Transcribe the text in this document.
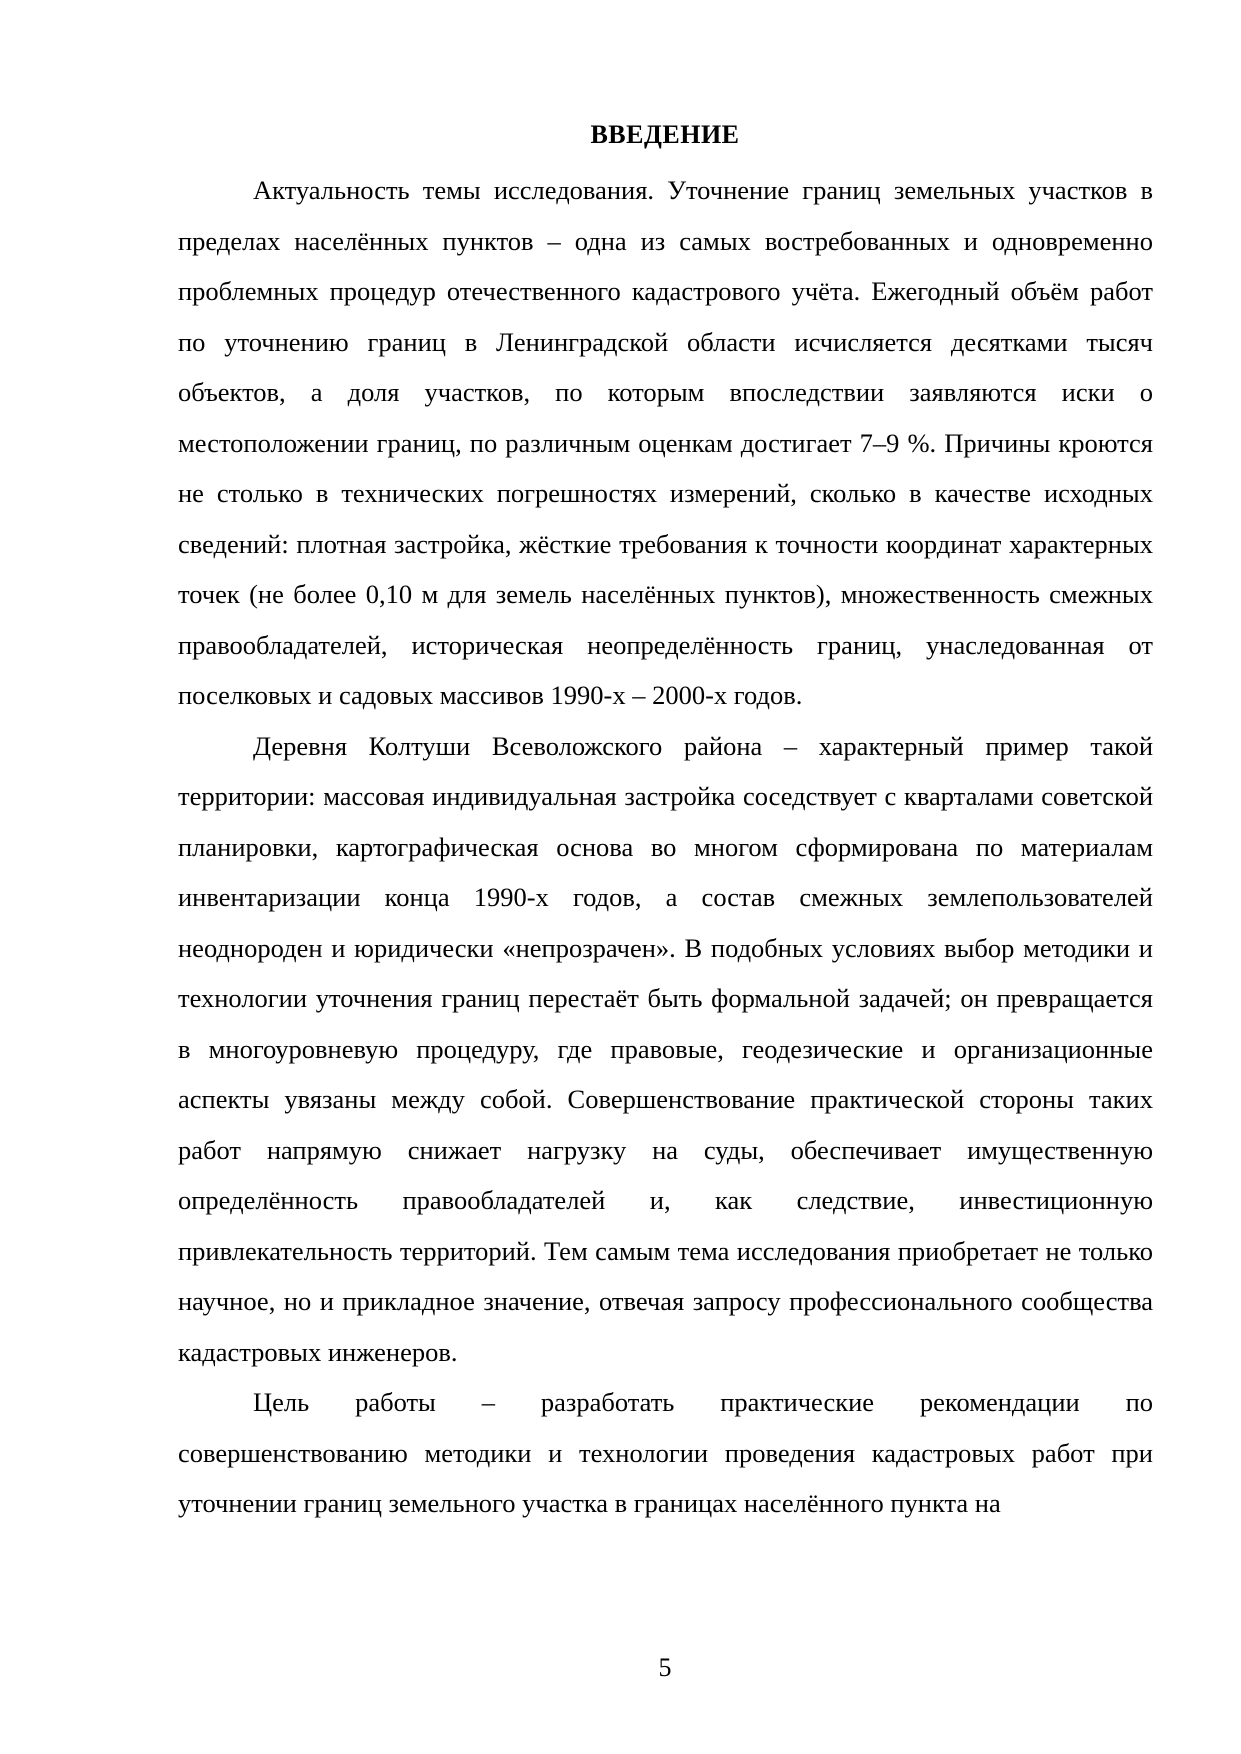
ВВЕДЕНИЕ

Актуальность темы исследования. Уточнение границ земельных участков в пределах населённых пунктов – одна из самых востребованных и одновременно проблемных процедур отечественного кадастрового учёта. Ежегодный объём работ по уточнению границ в Ленинградской области исчисляется десятками тысяч объектов, а доля участков, по которым впоследствии заявляются иски о местоположении границ, по различным оценкам достигает 7–9 %. Причины кроются не столько в технических погрешностях измерений, сколько в качестве исходных сведений: плотная застройка, жёсткие требования к точности координат характерных точек (не более 0,10 м для земель населённых пунктов), множественность смежных правообладателей, историческая неопределённость границ, унаследованная от поселковых и садовых массивов 1990-х – 2000-х годов.

Деревня Колтуши Всеволожского района – характерный пример такой территории: массовая индивидуальная застройка соседствует с кварталами советской планировки, картографическая основа во многом сформирована по материалам инвентаризации конца 1990-х годов, а состав смежных землепользователей неоднороден и юридически «непрозрачен». В подобных условиях выбор методики и технологии уточнения границ перестаёт быть формальной задачей; он превращается в многоуровневую процедуру, где правовые, геодезические и организационные аспекты увязаны между собой. Совершенствование практической стороны таких работ напрямую снижает нагрузку на суды, обеспечивает имущественную определённость правообладателей и, как следствие, инвестиционную привлекательность территорий. Тем самым тема исследования приобретает не только научное, но и прикладное значение, отвечая запросу профессионального сообщества кадастровых инженеров.

Цель работы – разработать практические рекомендации по совершенствованию методики и технологии проведения кадастровых работ при уточнении границ земельного участка в границах населённого пункта на

5
